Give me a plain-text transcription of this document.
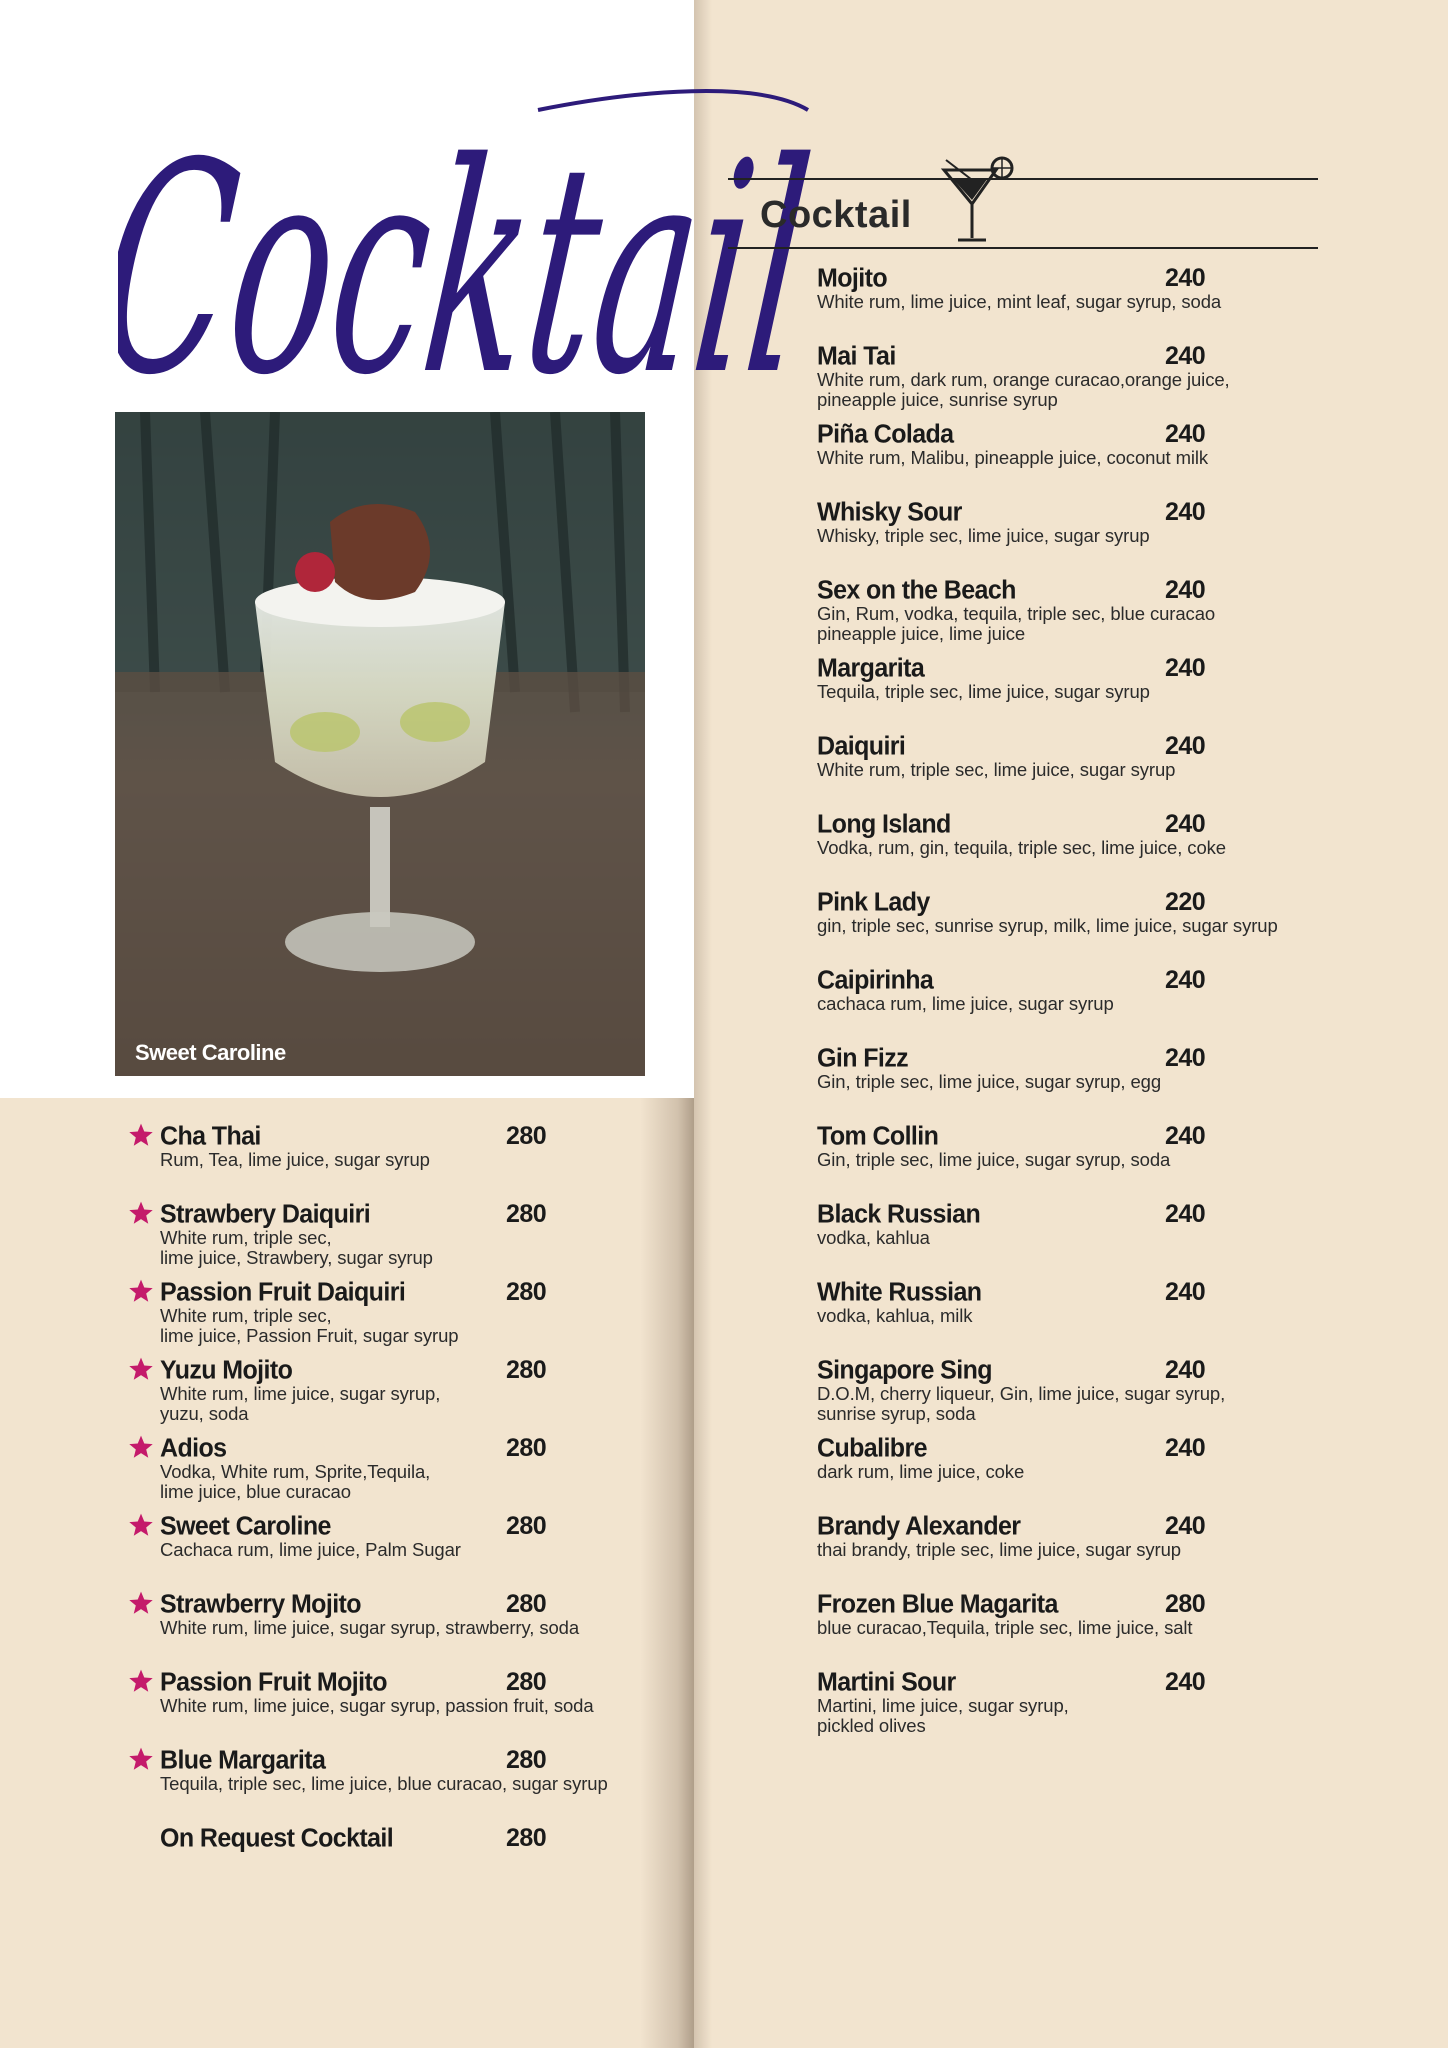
Cocktail
Sweet Caroline
Cocktail
Mojito	240
White rum, lime juice, mint leaf, sugar syrup, soda
Mai Tai	240
White rum, dark rum, orange curacao,orange juice,
pineapple juice, sunrise syrup
Piña Colada	240
White rum, Malibu, pineapple juice, coconut milk
Whisky Sour	240
Whisky, triple sec, lime juice, sugar syrup
Sex on the Beach	240
Gin, Rum, vodka, tequila, triple sec, blue curacao
pineapple juice, lime juice
Margarita	240
Tequila, triple sec, lime juice, sugar syrup
Daiquiri	240
White rum, triple sec, lime juice, sugar syrup
Long Island	240
Vodka, rum, gin, tequila, triple sec, lime juice, coke
Pink Lady	220
gin, triple sec, sunrise syrup, milk, lime juice, sugar syrup
Caipirinha	240
cachaca rum, lime juice, sugar syrup
Gin Fizz	240
Gin, triple sec, lime juice, sugar syrup, egg
Tom Collin	240
Gin, triple sec, lime juice, sugar syrup, soda
Black Russian	240
vodka, kahlua
White Russian	240
vodka, kahlua, milk
Singapore Sing	240
D.O.M, cherry liqueur, Gin, lime juice, sugar syrup,
sunrise syrup, soda
Cubalibre	240
dark rum, lime juice, coke
Brandy Alexander	240
thai brandy, triple sec, lime juice, sugar syrup
Frozen Blue Magarita	280
blue curacao,Tequila, triple sec, lime juice, salt
Martini Sour	240
Martini, lime juice, sugar syrup,
pickled olives
Cha Thai	280
Rum, Tea, lime juice, sugar syrup
Strawbery Daiquiri	280
White rum, triple sec,
lime juice, Strawbery, sugar syrup
Passion Fruit Daiquiri	280
White rum, triple sec,
lime juice, Passion Fruit, sugar syrup
Yuzu Mojito	280
White rum, lime juice, sugar syrup,
yuzu, soda
Adios	280
Vodka, White rum, Sprite,Tequila,
lime juice, blue curacao
Sweet Caroline	280
Cachaca rum, lime juice, Palm Sugar
Strawberry Mojito	280
White rum, lime juice, sugar syrup, strawberry, soda
Passion Fruit Mojito	280
White rum, lime juice, sugar syrup, passion fruit, soda
Blue Margarita	280
Tequila, triple sec, lime juice, blue curacao, sugar syrup
On Request Cocktail	280
